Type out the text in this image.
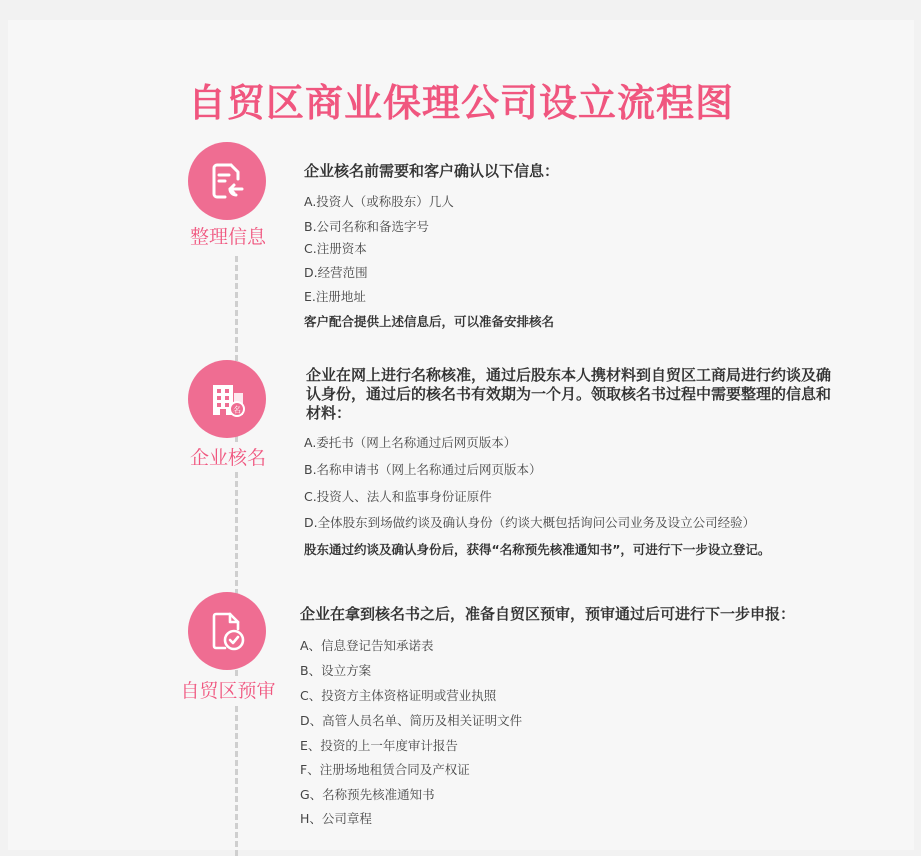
自贸区商业保理公司设立流程图
整理信息
企业核名前需要和客户确认以下信息：
A.投资人（或称股东）几人
B.公司名称和备选字号
C.注册资本
D.经营范围
E.注册地址
客户配合提供上述信息后，可以准备安排核名
名
企业核名
企业在网上进行名称核准，通过后股东本人携材料到自贸区工商局进行约谈及确认身份，通过后的核名书有效期为一个月。领取核名书过程中需要整理的信息和材料：
A.委托书（网上名称通过后网页版本）
B.名称申请书（网上名称通过后网页版本）
C.投资人、法人和监事身份证原件
D.全体股东到场做约谈及确认身份（约谈大概包括询问公司业务及设立公司经验）
股东通过约谈及确认身份后，获得“名称预先核准通知书”，可进行下一步设立登记。
自贸区预审
企业在拿到核名书之后，准备自贸区预审，预审通过后可进行下一步申报：
A、信息登记告知承诺表
B、设立方案
C、投资方主体资格证明或营业执照
D、高管人员名单、简历及相关证明文件
E、投资的上一年度审计报告
F、注册场地租赁合同及产权证
G、名称预先核准通知书
H、公司章程
